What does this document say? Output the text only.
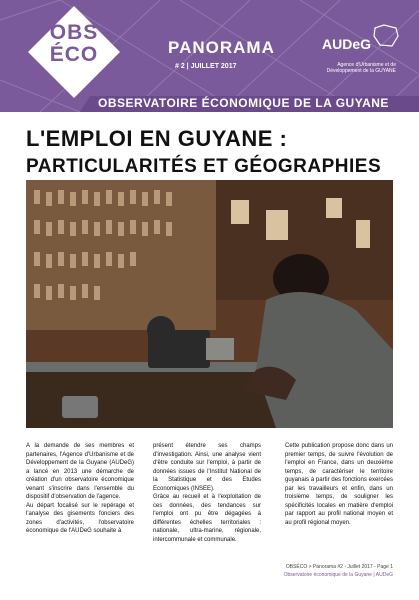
OBS
ÉCO	PANORAMA
# 2 | JUILLET 2017
AUDeG
Agence d'Urbanisme et de Développement de la GUYANE
OBSERVATOIRE ÉCONOMIQUE DE LA GUYANE
L'EMPLOI EN GUYANE :
PARTICULARITÉS ET GÉOGRAPHIES

A la demande de ses membres et partenaires, l'Agence d'Urbanisme et de Développement de la Guyane (AUDeG) a lancé en 2013 une démarche de création d'un observatoire économique venant s'inscrire dans l'ensemble du dispositif d'observation de l'agence.

Au départ focalisé sur le repérage et l'analyse des gisements fonciers des zones d'activités, l'observatoire économique de l'AUDeG souhaite à

présent étendre ses champs d'investigation. Ainsi, une analyse vient d'être conduite sur l'emploi, à partir de données issues de l'Institut National de la Statistique et des Etudes Economiques (INSEE).

Grâce au recueil et à l'exploitation de ces données, des tendances sur l'emploi ont pu être dégagées à différentes échelles territoriales : nationale, ultra-marine, régionale, intercommunale et communale.

Cette publication propose donc dans un premier temps, de suivre l'évolution de l'emploi en France, dans un deuxième temps, de caractériser le territoire guyanais à partir des fonctions exercées par les travailleurs et enfin, dans un troisième temps, de souligner les spécificités locales en matière d'emploi par rapport au profil national moyen et au profil régional moyen.

OBSÉCO > Panorama #2 - Juillet 2017 - Page 1
Observatoire économique de la Guyane | AUDeG
